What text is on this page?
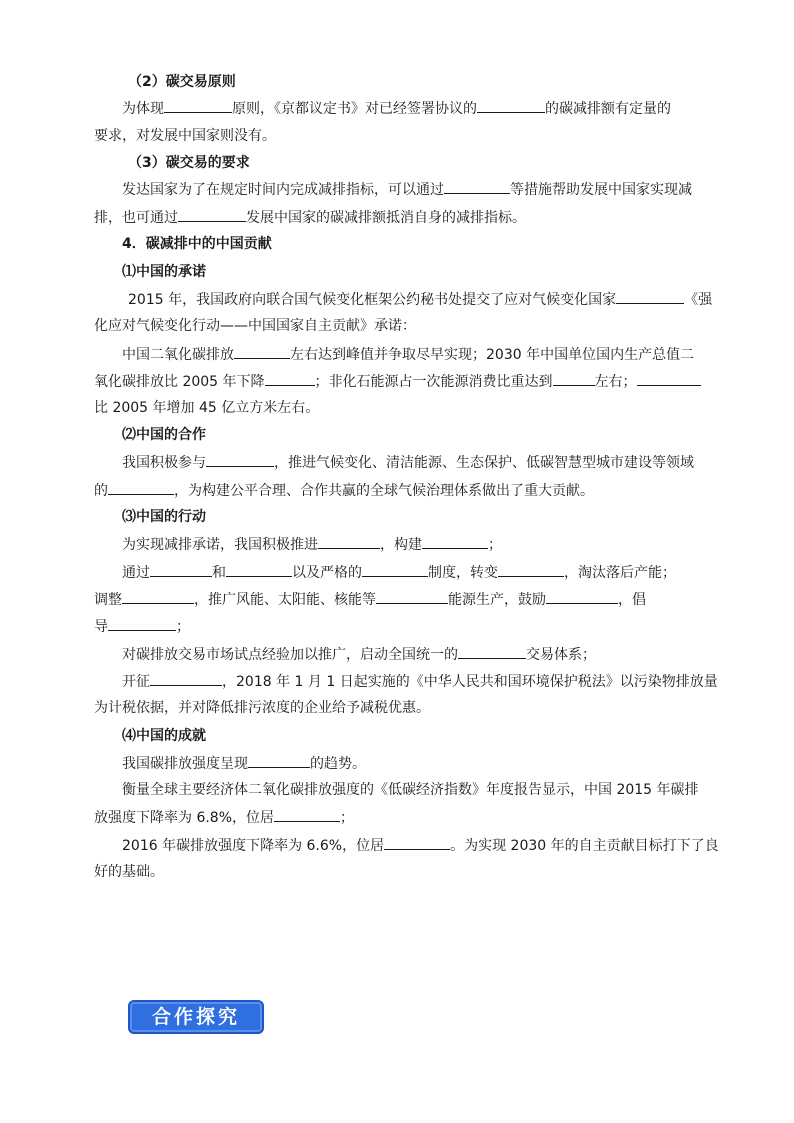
（2）碳交易原则
为体现	原则，《京都议定书》对已经签署协议的	的碳减排额有定量的
要求，对发展中国家则没有。
（3）碳交易的要求
发达国家为了在规定时间内完成减排指标，可以通过	等措施帮助发展中国家实现减
排，也可通过	发展中国家的碳减排额抵消自身的减排指标。
4．碳减排中的中国贡献
⑴中国的承诺
2015 年，我国政府向联合国气候变化框架公约秘书处提交了应对气候变化国家	《强
化应对气候变化行动——中国国家自主贡献》承诺：
中国二氧化碳排放	左右达到峰值并争取尽早实现；2030 年中国单位国内生产总值二
氧化碳排放比 2005 年下降	；非化石能源占一次能源消费比重达到	左右；
比 2005 年增加 45 亿立方米左右。
⑵中国的合作
我国积极参与	，推进气候变化、清洁能源、生态保护、低碳智慧型城市建设等领域
的	，为构建公平合理、合作共赢的全球气候治理体系做出了重大贡献。
⑶中国的行动
为实现减排承诺，我国积极推进	，构建	；
通过	和	以及严格的	制度，转变	，淘汰落后产能；
调整	，推广风能、太阳能、核能等	能源生产，鼓励	，倡
导	；
对碳排放交易市场试点经验加以推广，启动全国统一的	交易体系；
开征	，2018 年 1 月 1 日起实施的《中华人民共和国环境保护税法》以污染物排放量
为计税依据，并对降低排污浓度的企业给予减税优惠。
⑷中国的成就
我国碳排放强度呈现	的趋势。
衡量全球主要经济体二氧化碳排放强度的《低碳经济指数》年度报告显示，中国 2015 年碳排
放强度下降率为 6.8%，位居	；
2016 年碳排放强度下降率为 6.6%，位居	。为实现 2030 年的自主贡献目标打下了良
好的基础。
合作探究
